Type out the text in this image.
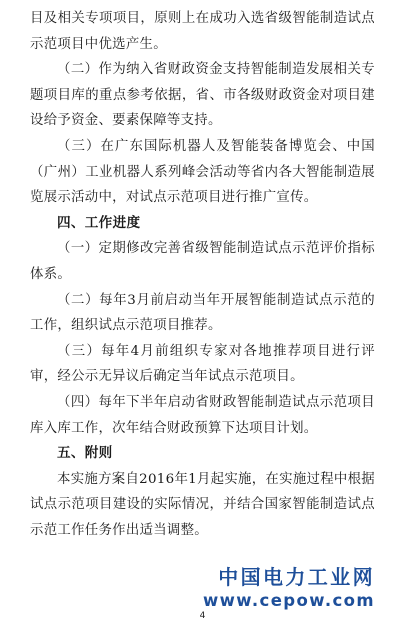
目及相关专项项目，原则上在成功入选省级智能制造试点示范项目中优选产生。

（二）作为纳入省财政资金支持智能制造发展相关专题项目库的重点参考依据，省、市各级财政资金对项目建设给予资金、要素保障等支持。

（三）在广东国际机器人及智能装备博览会、中国（广州）工业机器人系列峰会活动等省内各大智能制造展览展示活动中，对试点示范项目进行推广宣传。

四、工作进度

（一）定期修改完善省级智能制造试点示范评价指标体系。

（二）每年3月前启动当年开展智能制造试点示范的工作，组织试点示范项目推荐。

（三）每年4月前组织专家对各地推荐项目进行评审，经公示无异议后确定当年试点示范项目。

（四）每年下半年启动省财政智能制造试点示范项目库入库工作，次年结合财政预算下达项目计划。

五、附则

本实施方案自2016年1月起实施，在实施过程中根据试点示范项目建设的实际情况，并结合国家智能制造试点示范工作任务作出适当调整。

中国电力工业网
www.cepow.com
4
